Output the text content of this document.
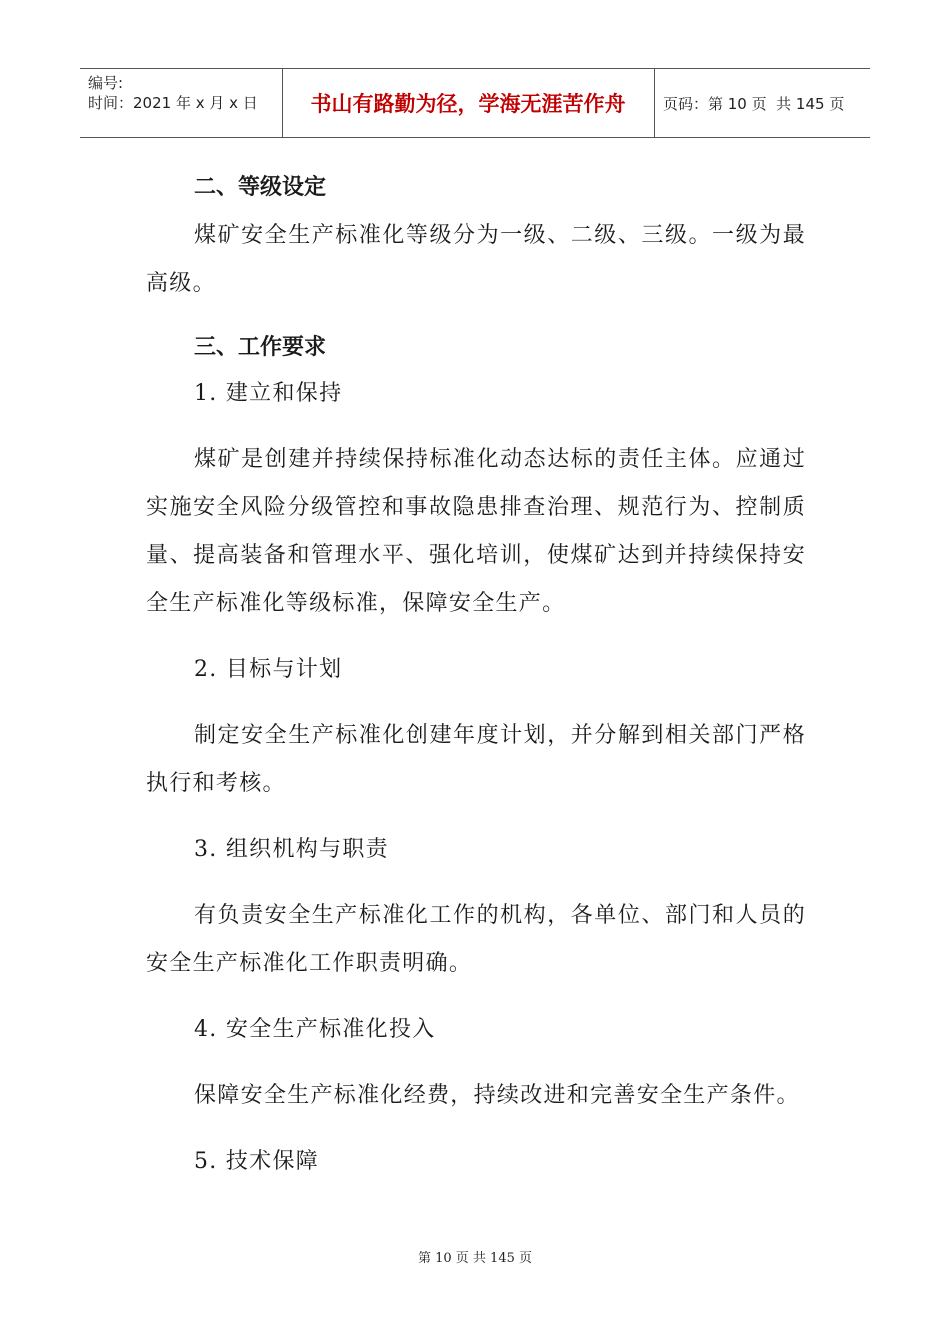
编号:
时间：2021 年 x 月 x 日	书山有路勤为径，学海无涯苦作舟	页码：第 10 页  共 145 页
二、等级设定

煤矿安全生产标准化等级分为一级、二级、三级。一级为最高级。

三、工作要求
1. 建立和保持

煤矿是创建并持续保持标准化动态达标的责任主体。应通过实施安全风险分级管控和事故隐患排查治理、规范行为、控制质量、提高装备和管理水平、强化培训，使煤矿达到并持续保持安全生产标准化等级标准，保障安全生产。

2. 目标与计划

制定安全生产标准化创建年度计划，并分解到相关部门严格执行和考核。

3. 组织机构与职责

有负责安全生产标准化工作的机构，各单位、部门和人员的安全生产标准化工作职责明确。

4. 安全生产标准化投入

保障安全生产标准化经费，持续改进和完善安全生产条件。

5. 技术保障
第 10 页 共 145 页
